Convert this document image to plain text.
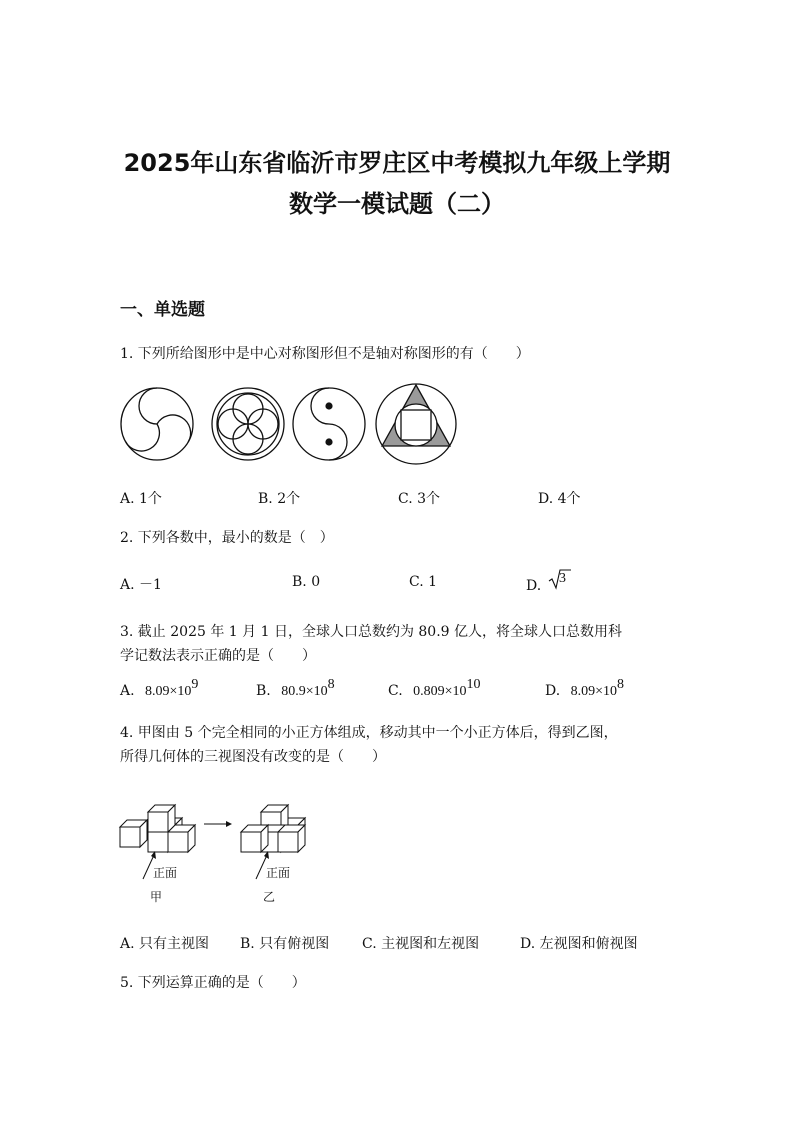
2025年山东省临沂市罗庄区中考模拟九年级上学期
数学一模试题（二）
一、单选题
1. 下列所给图形中是中心对称图形但不是轴对称图形的有（　　）
A. 1个	B. 2个	C. 3个	D. 4个
2. 下列各数中，最小的数是（　）
A. －1	B. 0	C. 1	D. 3
3. 截止 2025 年 1 月 1 日，全球人口总数约为 80.9 亿人，将全球人口总数用科
学记数法表示正确的是（　　）
A. $8.09\times 10^9$	B. $80.9\times 10^8$	C. $0.809\times 10^{10}$	D. $8.09\times 10^8$
4. 甲图由 5 个完全相同的小正方体组成，移动其中一个小正方体后，得到乙图，
所得几何体的三视图没有改变的是（　　）
正面
甲
正面
乙
A. 只有主视图 B. 只有俯视图 C. 主视图和左视图	D. 左视图和俯视图
5. 下列运算正确的是（　　）
